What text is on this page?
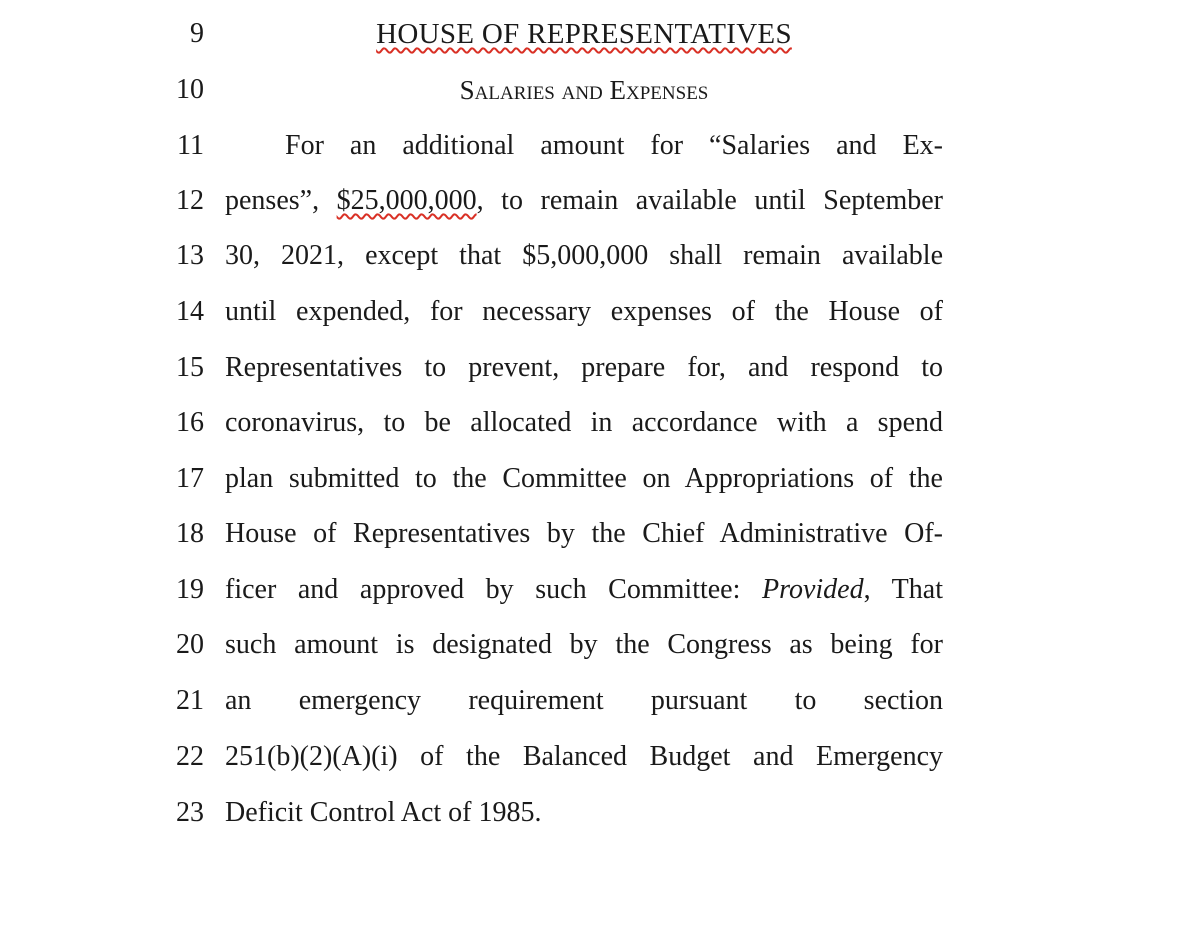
9	HOUSE OF REPRESENTATIVES
10	Salaries and Expenses
11	For an additional amount for “Salaries and Ex-
12 penses”, $25,000,000, to remain available until September
13 30, 2021, except that $5,000,000 shall remain available
14 until expended, for necessary expenses of the House of
15 Representatives to prevent, prepare for, and respond to
16 coronavirus, to be allocated in accordance with a spend
17 plan submitted to the Committee on Appropriations of the
18 House of Representatives by the Chief Administrative Of-
19 ficer and approved by such Committee: Provided, That
20 such amount is designated by the Congress as being for
21 an emergency requirement pursuant to section
22 251(b)(2)(A)(i) of the Balanced Budget and Emergency
23 Deficit Control Act of 1985.
